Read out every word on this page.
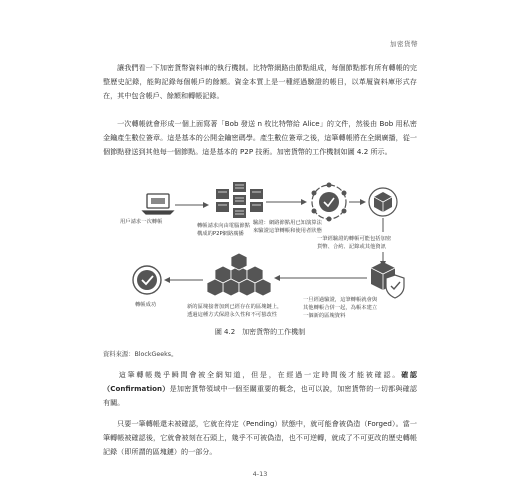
加密貨幣

讓我們看一下加密貨幣資料庫的執行機制。比特幣網路由節點組成，每個節點都有所有轉帳的完整歷史記錄，能夠記錄每個帳戶的餘額。資金本質上是一種經過驗證的帳目，以革履資料庫形式存在，其中包含帳戶、餘額和轉帳記錄。

一次轉帳就會形成一個上面寫著「Bob 發送 n 枚比特幣給 Alice」的文件，然後由 Bob 用私密金鑰產生數位簽章。這是基本的公開金鑰密碼學。產生數位簽章之後，這筆轉帳將在全網廣播，從一個節點發送到其他每一個節點。這是基本的 P2P 技術。加密貨幣的工作機制如圖 4.2 所示。

用戶請求一次轉帳
轉帳請求向由電腦節點
構成的P2P網路廣播
驗證：網路節點用已知演算法
來驗證這筆轉帳和使用者狀態
一筆經驗證的轉帳可能包括加密
貨幣、合約、記錄或其他資訊
一旦經過驗證，這筆轉帳就會與
其他轉帳合併一起，為帳本建立
一個新的區塊資料
新的區塊接著加到已經存在的區塊鏈上，
透過這種方式保證永久性和不可篡改性
轉帳成功
圖 4.2　加密貨幣的工作機制
資料來源：BlockGeeks。

這筆轉帳幾乎瞬間會被全網知道，但是，在經過一定時間後才能被確認。確認（Confirmation）是加密貨幣領域中一個至關重要的概念，也可以說，加密貨幣的一切都與確認有關。

只要一筆轉帳還未被確認，它就在待定（Pending）狀態中，就可能會被偽造（Forged）。當一筆轉帳被確認後，它就會被刻在石頭上，幾乎不可被偽造，也不可逆轉，就成了不可更改的歷史轉帳記錄（即所謂的區塊鏈）的一部分。

4-13
